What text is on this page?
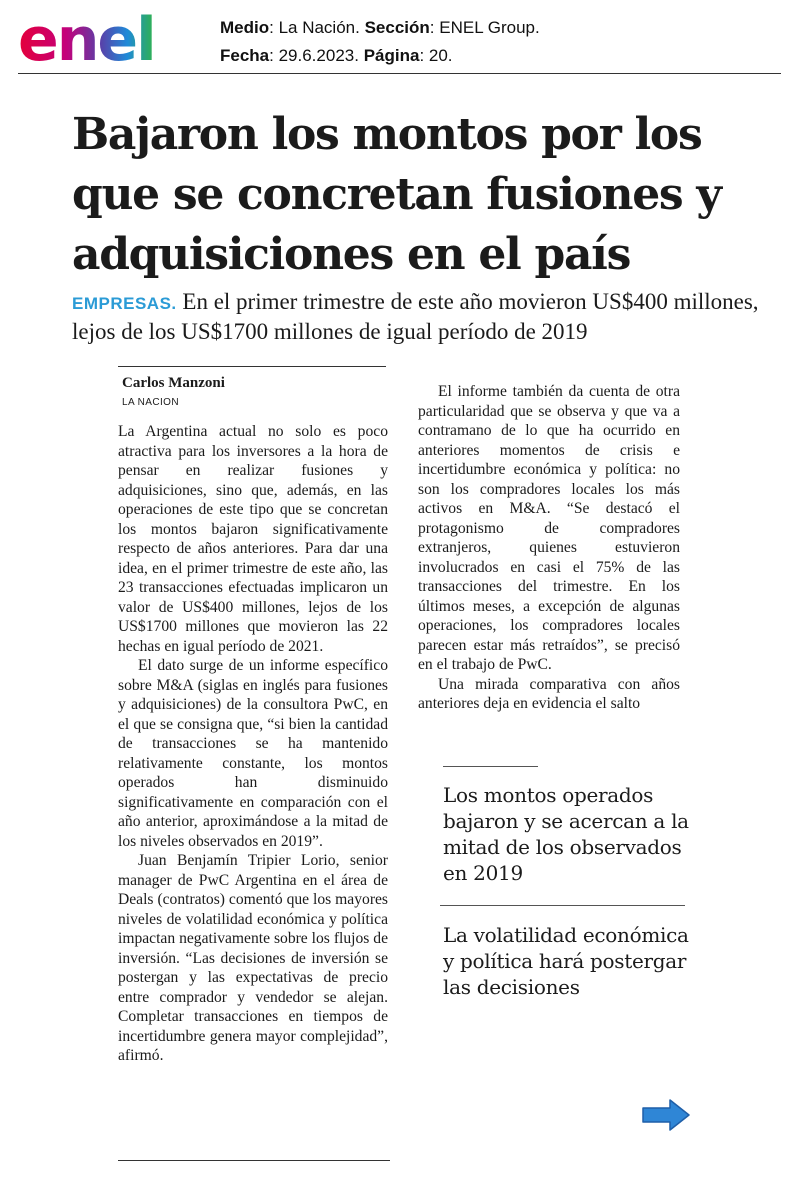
enel	Medio: La Nación. Sección: ENEL Group.
Fecha: 29.6.2023. Página: 20.
Bajaron los montos por los que se concretan fusiones y adquisiciones en el país
EMPRESAS. En el primer trimestre de este año movieron US$400 millones, lejos de los US$1700 millones de igual período de 2019
Carlos Manzoni
LA NACION

La Argentina actual no solo es poco atractiva para los inversores a la hora de pensar en realizar fusiones y adquisiciones, sino que, además, en las operaciones de este tipo que se concretan los montos bajaron significativamente respecto de años anteriores. Para dar una idea, en el primer trimestre de este año, las 23 transacciones efectuadas implicaron un valor de US$400 millones, lejos de los US$1700 millones que movieron las 22 hechas en igual período de 2021.

El dato surge de un informe específico sobre M&A (siglas en inglés para fusiones y adquisiciones) de la consultora PwC, en el que se consigna que, “si bien la cantidad de transacciones se ha mantenido relativamente constante, los montos operados han disminuido significativamente en comparación con el año anterior, aproximándose a la mitad de los niveles observados en 2019”.

Juan Benjamín Tripier Lorio, senior manager de PwC Argentina en el área de Deals (contratos) comentó que los mayores niveles de volatilidad económica y política impactan negativamente sobre los flujos de inversión. “Las decisiones de inversión se postergan y las expectativas de precio entre comprador y vendedor se alejan. Completar transacciones en tiempos de incertidumbre genera mayor complejidad”, afirmó.

El informe también da cuenta de otra particularidad que se observa y que va a contramano de lo que ha ocurrido en anteriores momentos de crisis e incertidumbre económica y política: no son los compradores locales los más activos en M&A. “Se destacó el protagonismo de compradores extranjeros, quienes estuvieron involucrados en casi el 75% de las transacciones del trimestre. En los últimos meses, a excepción de algunas operaciones, los compradores locales parecen estar más retraídos”, se precisó en el trabajo de PwC.

Una mirada comparativa con años anteriores deja en evidencia el salto

Los montos operados bajaron y se acercan a la mitad de los observados en 2019
La volatilidad económica y política hará postergar las decisiones
